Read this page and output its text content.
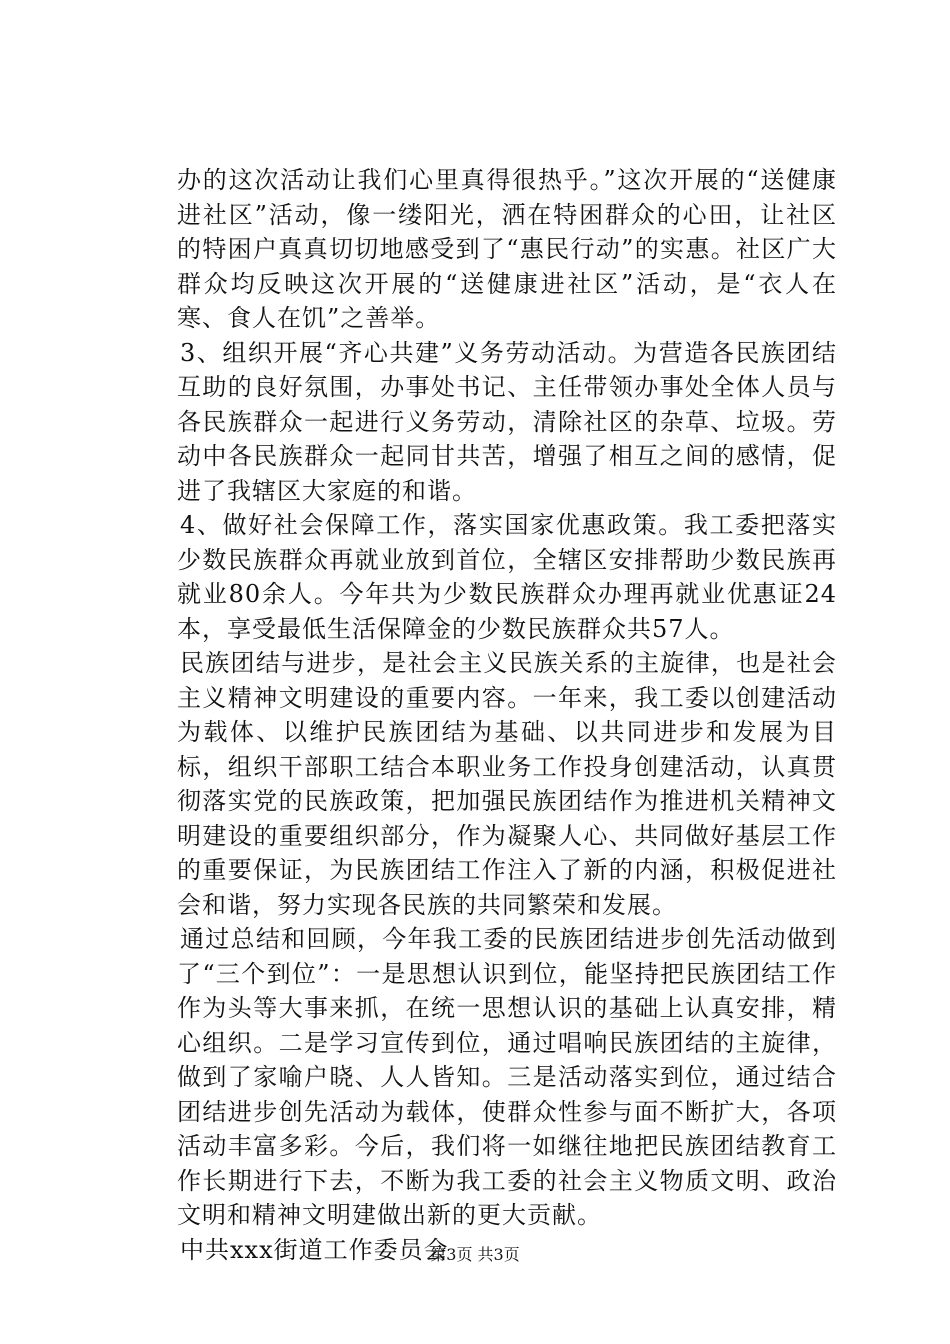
办的这次活动让我们心里真得很热乎。”这次开展的“送健康进社区”活动，像一缕阳光，洒在特困群众的心田，让社区的特困户真真切切地感受到了“惠民行动”的实惠。社区广大群众均反映这次开展的“送健康进社区”活动，是“衣人在寒、食人在饥”之善举。

3、组织开展“齐心共建”义务劳动活动。为营造各民族团结互助的良好氛围，办事处书记、主任带领办事处全体人员与各民族群众一起进行义务劳动，清除社区的杂草、垃圾。劳动中各民族群众一起同甘共苦，增强了相互之间的感情，促进了我辖区大家庭的和谐。

4、做好社会保障工作，落实国家优惠政策。我工委把落实少数民族群众再就业放到首位，全辖区安排帮助少数民族再就业80余人。今年共为少数民族群众办理再就业优惠证24本，享受最低生活保障金的少数民族群众共57人。

民族团结与进步，是社会主义民族关系的主旋律，也是社会主义精神文明建设的重要内容。一年来，我工委以创建活动为载体、以维护民族团结为基础、以共同进步和发展为目标，组织干部职工结合本职业务工作投身创建活动，认真贯彻落实党的民族政策，把加强民族团结作为推进机关精神文明建设的重要组织部分，作为凝聚人心、共同做好基层工作的重要保证，为民族团结工作注入了新的内涵，积极促进社会和谐，努力实现各民族的共同繁荣和发展。

通过总结和回顾，今年我工委的民族团结进步创先活动做到了“三个到位”：一是思想认识到位，能坚持把民族团结工作作为头等大事来抓，在统一思想认识的基础上认真安排，精心组织。二是学习宣传到位，通过唱响民族团结的主旋律，做到了家喻户晓、人人皆知。三是活动落实到位，通过结合团结进步创先活动为载体，使群众性参与面不断扩大，各项活动丰富多彩。今后，我们将一如继往地把民族团结教育工作长期进行下去，不断为我工委的社会主义物质文明、政治文明和精神文明建做出新的更大贡献。

中共xxx街道工作委员会

第3页 共3页
